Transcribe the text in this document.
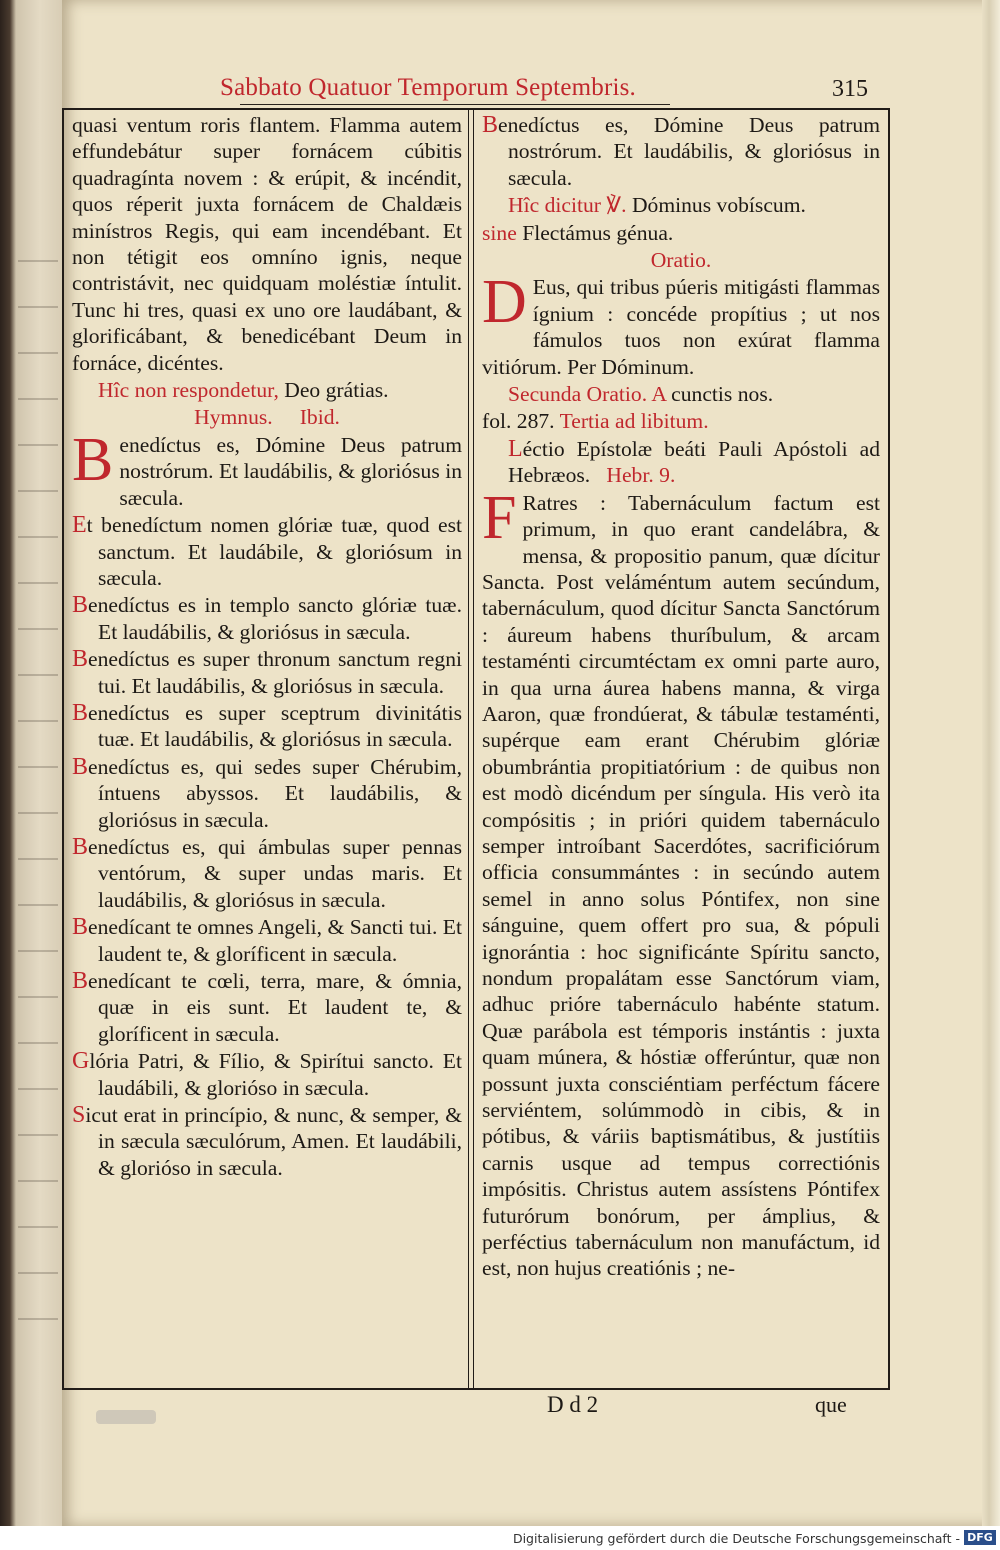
Sabbato Quatuor Temporum Septembris.	315

quasi ventum roris flantem. Flamma autem effundebátur super fornácem cúbitis quadragínta novem : & erúpit, & incéndit, quos réperit juxta fornácem de Chaldæis minístros Regis, qui eam incendébant. Et non tétigit eos omníno ignis, neque contristávit, nec quidquam moléstiæ íntulit. Tunc hi tres, quasi ex uno ore laudábant, & glorificábant, & benedicébant Deum in fornáce, dicéntes.

Hîc non respondetur, Deo grátias.

Hymnus. Ibid.

Benedíctus es, Dómine Deus patrum nostrórum. Et laudábilis, & gloriósus in sæcula.

Et benedíctum nomen glóriæ tuæ, quod est sanctum. Et laudábile, & gloriósum in sæcula.

Benedíctus es in templo sancto glóriæ tuæ. Et laudábilis, & gloriósus in sæcula.

Benedíctus es super thronum sanctum regni tui. Et laudábilis, & gloriósus in sæcula.

Benedíctus es super sceptrum divinitátis tuæ. Et laudábilis, & gloriósus in sæcula.

Benedíctus es, qui sedes super Chérubim, íntuens abyssos. Et laudábilis, & gloriósus in sæcula.

Benedíctus es, qui ámbulas super pennas ventórum, & super undas maris. Et laudábilis, & gloriósus in sæcula.

Benedícant te omnes Angeli, & Sancti tui. Et laudent te, & gloríficent in sæcula.

Benedícant te cœli, terra, mare, & ómnia, quæ in eis sunt. Et laudent te, & gloríficent in sæcula.

Glória Patri, & Fílio, & Spirítui sancto. Et laudábili, & glorióso in sæcula.

Sicut erat in princípio, & nunc, & semper, & in sæcula sæculórum, Amen. Et laudábili, & glorióso in sæcula.

Benedíctus es, Dómine Deus patrum nostrórum. Et laudábilis, & gloriósus in sæcula.

Hîc dicitur ℣. Dóminus vobíscum.

sine Flectámus génua.

Oratio.

D Eus, qui tribus púeris mitigásti flammas ígnium : concéde propítius ; ut nos fámulos tuos non exúrat flamma vitiórum. Per Dóminum.

Secunda Oratio. A cunctis nos.

fol. 287. Tertia ad libitum.

Léctio Epístolæ beáti Pauli Apóstoli ad Hebræos. Hebr. 9.

F Ratres : Tabernáculum factum est primum, in quo erant candelábra, & mensa, & propositio panum, quæ dícitur Sancta. Post veláméntum autem secúndum, tabernáculum, quod dícitur Sancta Sanctórum : áureum habens thuríbulum, & arcam testaménti circumtéctam ex omni parte auro, in qua urna áurea habens manna, & virga Aaron, quæ frondúerat, & tábulæ testaménti, supérque eam erant Chérubim glóriæ obumbrántia propitiatórium : de quibus non est modò dicéndum per síngula. His verò ita compósitis ; in prióri quidem tabernáculo semper introíbant Sacerdótes, sacrificiórum officia consummántes : in secúndo autem semel in anno solus Póntifex, non sine sánguine, quem offert pro sua, & pópuli ignorántia : hoc significánte Spíritu sancto, nondum propalátam esse Sanctórum viam, adhuc prióre tabernáculo habénte statum. Quæ parábola est témporis instántis : juxta quam múnera, & hóstiæ offerúntur, quæ non possunt juxta consciéntiam perféctum fácere serviéntem, solúmmodò in cibis, & in pótibus, & váriis baptismátibus, & justítiis carnis usque ad tempus correctiónis impósitis. Christus autem assístens Póntifex futurórum bonórum, per ámplius, & perféctius tabernáculum non manufáctum, id est, non hujus creatiónis ; ne-

D d 2	que
Digitalisierung gefördert durch die Deutsche Forschungsgemeinschaft - DFG
